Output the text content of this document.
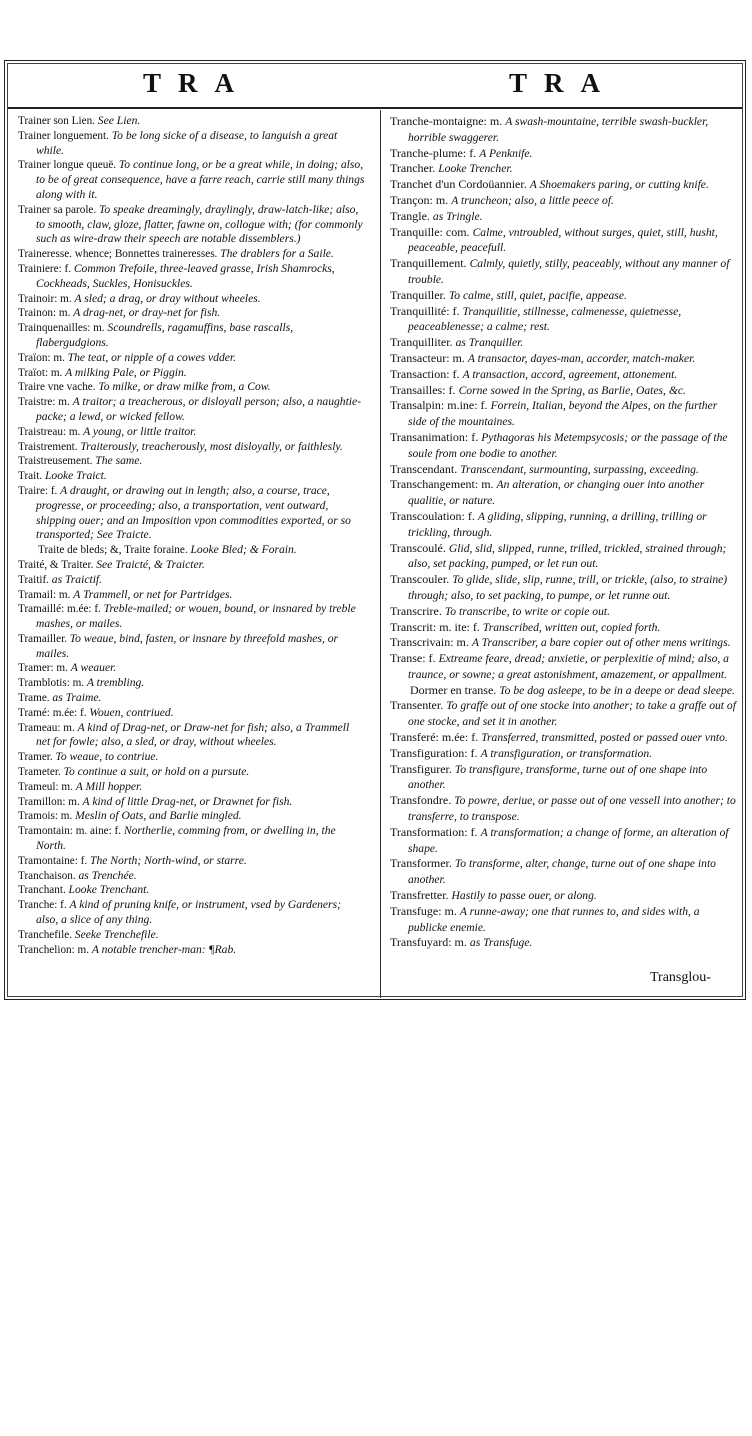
TRA	TRA

Trainer son Lien. See Lien.

Trainer longuement. To be long sicke of a disease, to languish a great while.

Trainer longue queuë. To continue long, or be a great while, in doing; also, to be of great consequence, have a farre reach, carrie still many things along with it.

Trainer sa parole. To speake dreamingly, draylingly, draw-latch-like; also, to smooth, claw, gloze, flatter, fawne on, collogue with; (for commonly such as wire-draw their speech are notable dissemblers.)

Traineresse. whence; Bonnettes traineresses. The drablers for a Saile.

Trainiere: f. Common Trefoile, three-leaved grasse, Irish Shamrocks, Cockheads, Suckles, Honisuckles.

Trainoir: m. A sled; a drag, or dray without wheeles.

Trainon: m. A drag-net, or dray-net for fish.

Trainquenailles: m. Scoundrells, ragamuffins, base rascalls, flabergudgions.

Traïon: m. The teat, or nipple of a cowes vdder.

Traïot: m. A milking Pale, or Piggin.

Traire vne vache. To milke, or draw milke from, a Cow.

Traistre: m. A traitor; a treacherous, or disloyall person; also, a naughtie-packe; a lewd, or wicked fellow.

Traistreau: m. A young, or little traitor.

Traistrement. Traiterously, treacherously, most disloyally, or faithlesly.

Traistreusement. The same.

Trait. Looke Traict.

Traire: f. A draught, or drawing out in length; also, a course, trace, progresse, or proceeding; also, a transportation, vent outward, shipping ouer; and an Imposition vpon commodities exported, or so transported; See Traicte.

Traite de bleds; &, Traite foraine. Looke Bled; & Forain.

Traité, & Traiter. See Traicté, & Traicter.

Traitif. as Traictif.

Tramail: m. A Trammell, or net for Partridges.

Tramaillé: m.ée: f. Treble-mailed; or wouen, bound, or insnared by treble mashes, or mailes.

Tramailler. To weaue, bind, fasten, or insnare by threefold mashes, or mailes.

Tramer: m. A weauer.

Tramblotis: m. A trembling.

Trame. as Traime.

Tramé: m.ée: f. Wouen, contriued.

Trameau: m. A kind of Drag-net, or Draw-net for fish; also, a Trammell net for fowle; also, a sled, or dray, without wheeles.

Tramer. To weaue, to contriue.

Trameter. To continue a suit, or hold on a pursute.

Trameul: m. A Mill hopper.

Tramillon: m. A kind of little Drag-net, or Drawnet for fish.

Tramois: m. Meslin of Oats, and Barlie mingled.

Tramontain: m. aine: f. Northerlie, comming from, or dwelling in, the North.

Tramontaine: f. The North; North-wind, or starre.

Tranchaison. as Trenchée.

Tranchant. Looke Trenchant.

Tranche: f. A kind of pruning knife, or instrument, vsed by Gardeners; also, a slice of any thing.

Tranchefile. Seeke Trenchefile.

Tranchelion: m. A notable trencher-man: ¶Rab.

Tranche-montaigne: m. A swash-mountaine, terrible swash-buckler, horrible swaggerer.

Tranche-plume: f. A Penknife.

Trancher. Looke Trencher.

Tranchet d'un Cordoüannier. A Shoemakers paring, or cutting knife.

Trançon: m. A truncheon; also, a little peece of.

Trangle. as Tringle.

Tranquille: com. Calme, vntroubled, without surges, quiet, still, husht, peaceable, peacefull.

Tranquillement. Calmly, quietly, stilly, peaceably, without any manner of trouble.

Tranquiller. To calme, still, quiet, pacifie, appease.

Tranquillité: f. Tranquilitie, stillnesse, calmenesse, quietnesse, peaceablenesse; a calme; rest.

Tranquilliter. as Tranquiller.

Transacteur: m. A transactor, dayes-man, accorder, match-maker.

Transaction: f. A transaction, accord, agreement, attonement.

Transailles: f. Corne sowed in the Spring, as Barlie, Oates, &c.

Transalpin: m.ine: f. Forrein, Italian, beyond the Alpes, on the further side of the mountaines.

Transanimation: f. Pythagoras his Metempsycosis; or the passage of the soule from one bodie to another.

Transcendant. Transcendant, surmounting, surpassing, exceeding.

Transchangement: m. An alteration, or changing ouer into another qualitie, or nature.

Transcoulation: f. A gliding, slipping, running, a drilling, trilling or trickling, through.

Transcoulé. Glid, slid, slipped, runne, trilled, trickled, strained through; also, set packing, pumped, or let run out.

Transcouler. To glide, slide, slip, runne, trill, or trickle, (also, to straine) through; also, to set packing, to pumpe, or let runne out.

Transcrire. To transcribe, to write or copie out.

Transcrit: m. ite: f. Transcribed, written out, copied forth.

Transcrivain: m. A Transcriber, a bare copier out of other mens writings.

Transe: f. Extreame feare, dread; anxietie, or perplexitie of mind; also, a traunce, or sowne; a great astonishment, amazement, or appallment.

Dormer en transe. To be dog asleepe, to be in a deepe or dead sleepe.

Transenter. To graffe out of one stocke into another; to take a graffe out of one stocke, and set it in another.

Transferé: m.ée: f. Transferred, transmitted, posted or passed ouer vnto.

Transfiguration: f. A transfiguration, or transformation.

Transfigurer. To transfigure, transforme, turne out of one shape into another.

Transfondre. To powre, deriue, or passe out of one vessell into another; to transferre, to transpose.

Transformation: f. A transformation; a change of forme, an alteration of shape.

Transformer. To transforme, alter, change, turne out of one shape into another.

Transfretter. Hastily to passe ouer, or along.

Transfuge: m. A runne-away; one that runnes to, and sides with, a publicke enemie.

Transfuyard: m. as Transfuge.

Transglou-
